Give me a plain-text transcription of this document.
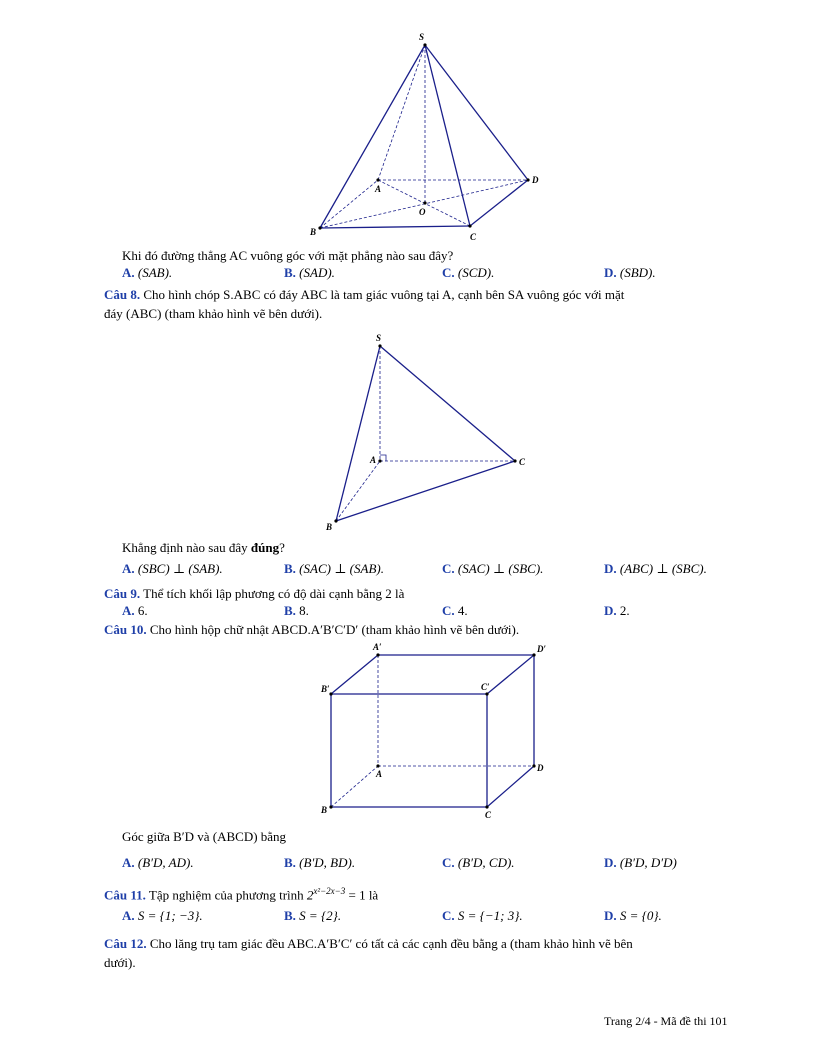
S
A
B	C
D
O
Khi đó đường thẳng AC vuông góc với mặt phẳng nào sau đây?
A. (SAB).	B. (SAD).	C. (SCD).	D. (SBD).
Câu 8. Cho hình chóp S.ABC có đáy ABC là tam giác vuông tại A, cạnh bên SA vuông góc với mặt
đáy (ABC) (tham khảo hình vẽ bên dưới).
S
A
B
C
Khẳng định nào sau đây đúng?
A. (SBC) ⊥ (SAB).	B. (SAC) ⊥ (SAB).	C. (SAC) ⊥ (SBC).	D. (ABC) ⊥ (SBC).
Câu 9. Thể tích khối lập phương có độ dài cạnh bằng 2 là
A. 6.	B. 8.	C. 4.	D. 2.
Câu 10. Cho hình hộp chữ nhật ABCD.A′B′C′D′ (tham khảo hình vẽ bên dưới).
A′	D′
B′	C′
A
D
B	C
Góc giữa B′D và (ABCD) bằng
A. (B′D, AD).	B. (B′D, BD).	C. (B′D, CD).	D. (B′D, D′D)
Câu 11. Tập nghiệm của phương trình $2^{x^2-2x-3} = 1$ là
A. S = {1; −3}.	B. S = {2}.	C. S = {−1; 3}.	D. S = {0}.
Câu 12. Cho lăng trụ tam giác đều ABC.A′B′C′ có tất cả các cạnh đều bằng a (tham khảo hình vẽ bên
dưới).
Trang 2/4 - Mã đề thi 101
